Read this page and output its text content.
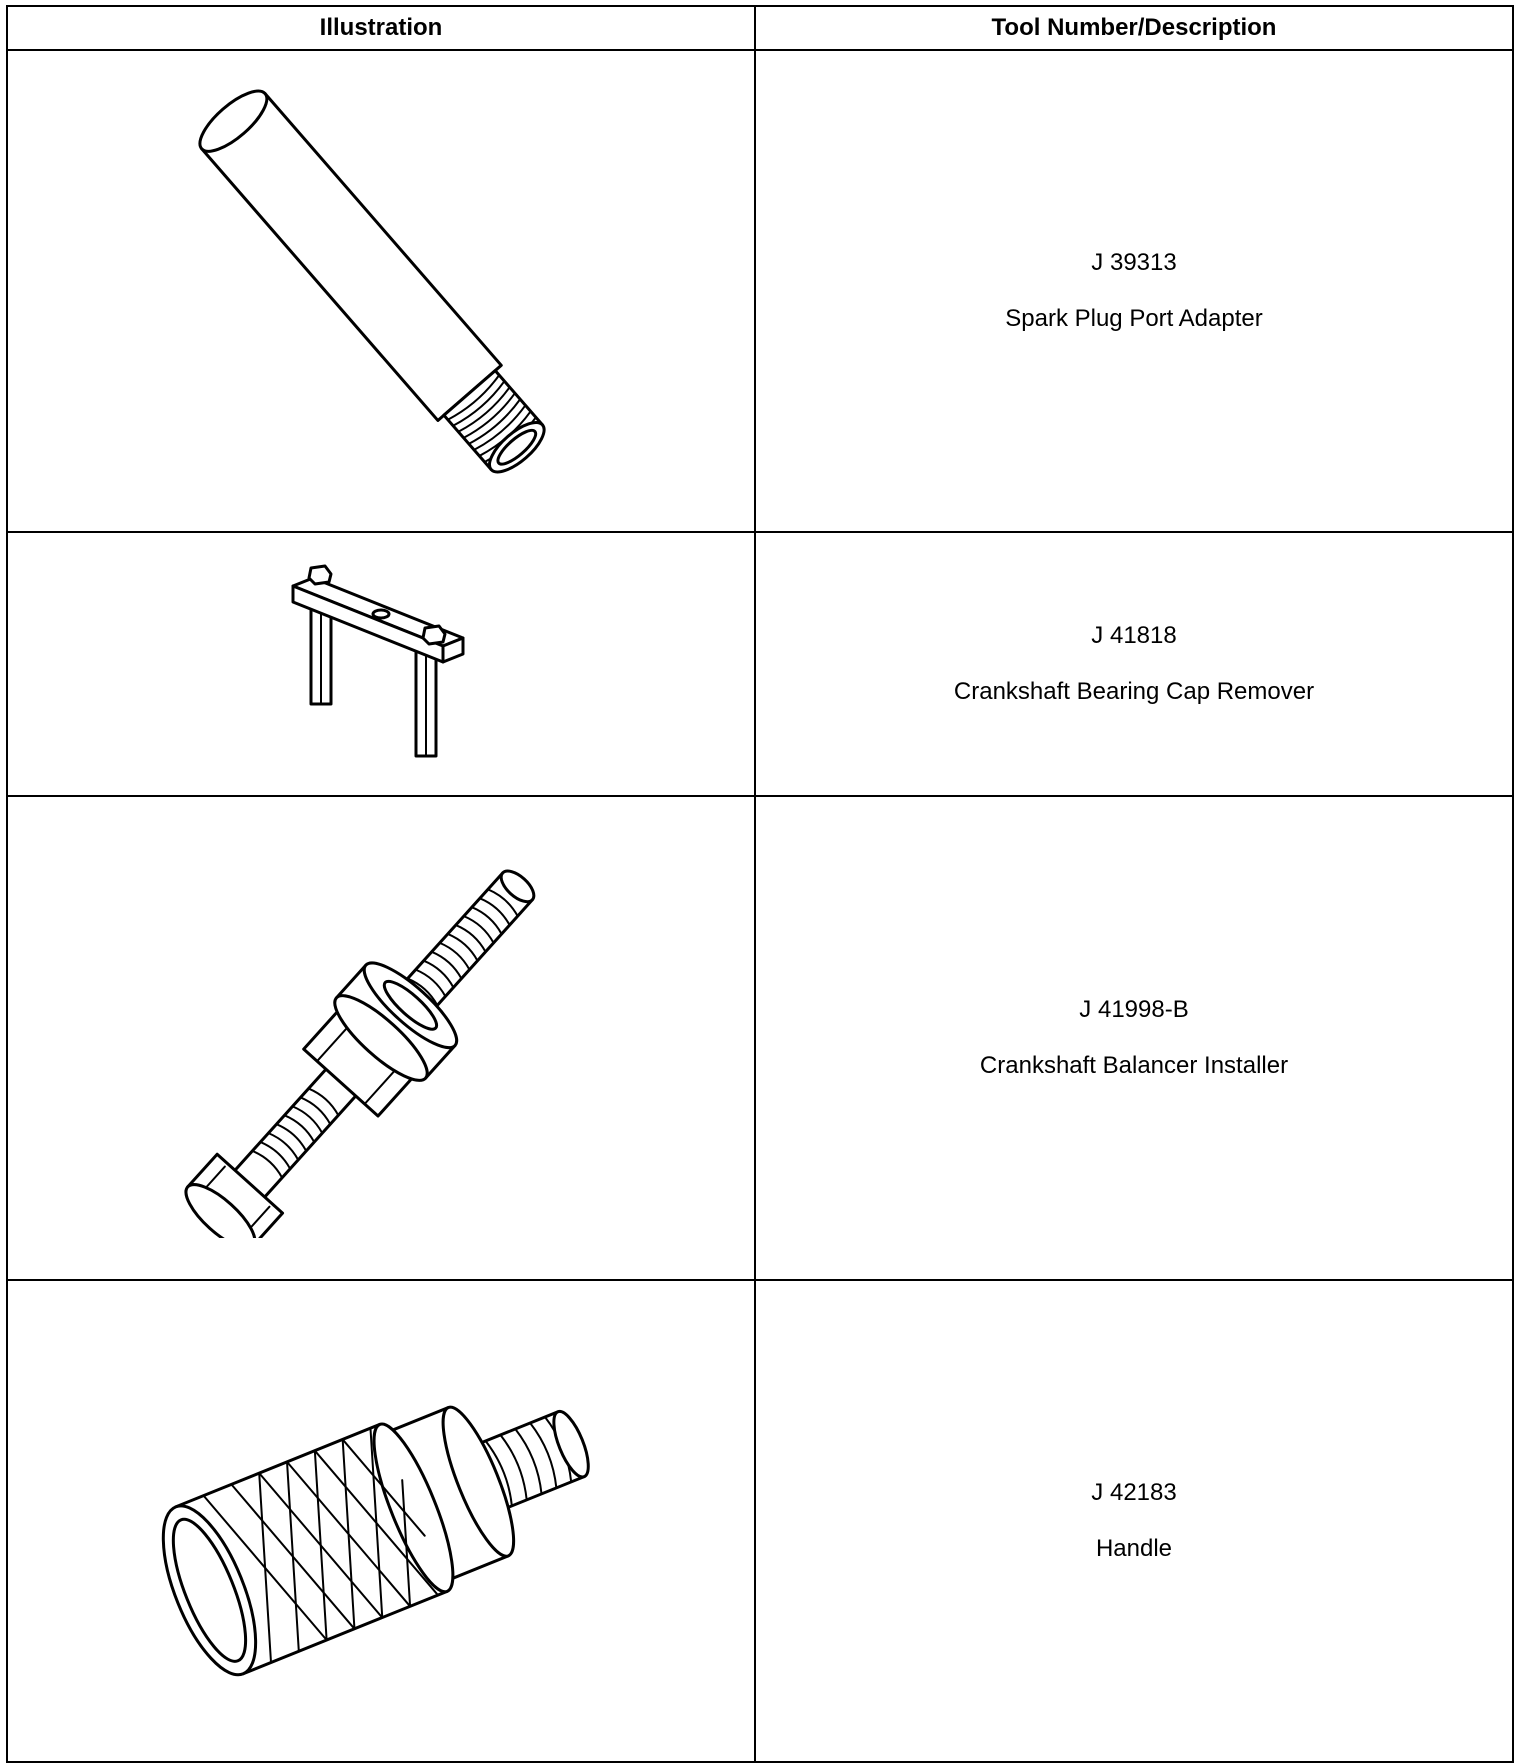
Illustration	Tool Number/Description

J 39313
Spark Plug Port Adapter

J 41818
Crankshaft Bearing Cap Remover

J 41998-B
Crankshaft Balancer Installer

J 42183
Handle
